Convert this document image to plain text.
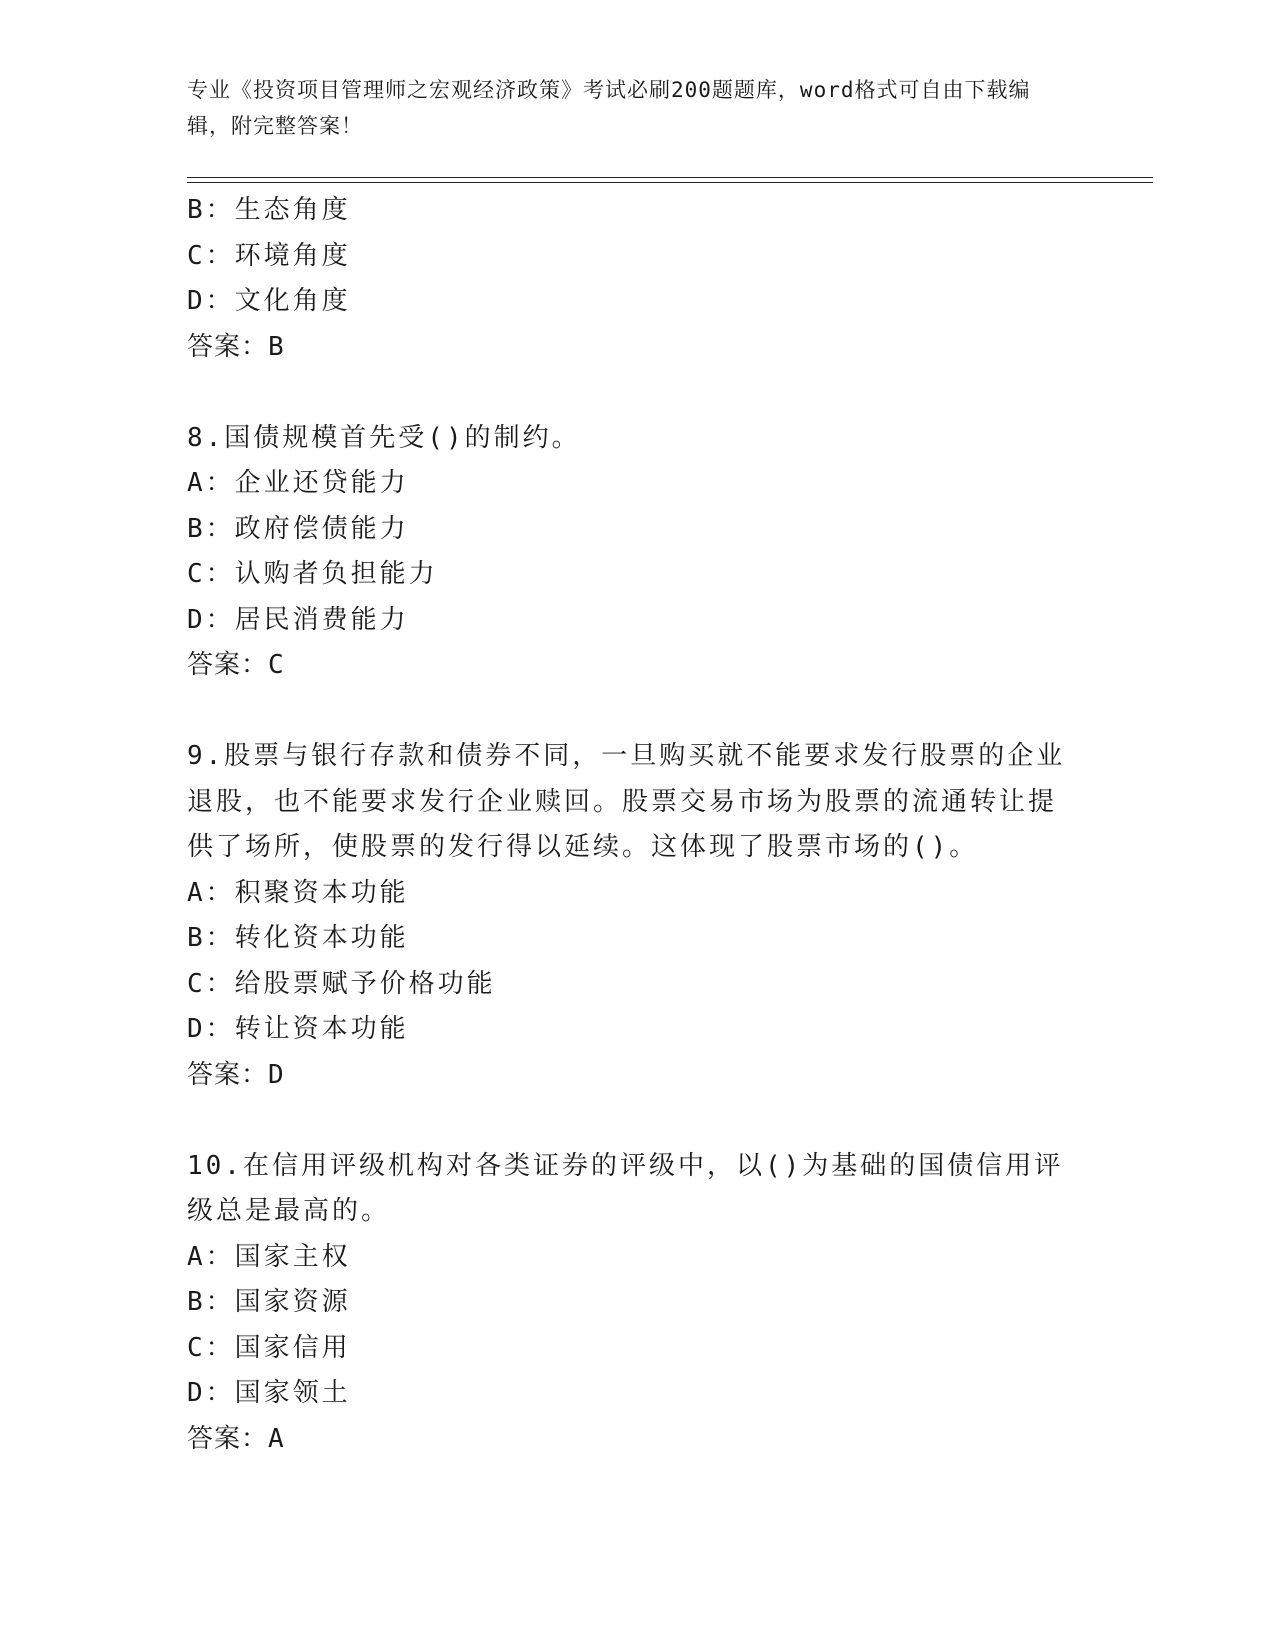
专业《投资项目管理师之宏观经济政策》考试必刷200题题库，word格式可自由下载编辑，附完整答案！
B：生态角度
C：环境角度
D：文化角度
答案：B
8.国债规模首先受()的制约。
A：企业还贷能力
B：政府偿债能力
C：认购者负担能力
D：居民消费能力
答案：C
9.股票与银行存款和债券不同，一旦购买就不能要求发行股票的企业退股，也不能要求发行企业赎回。股票交易市场为股票的流通转让提供了场所，使股票的发行得以延续。这体现了股票市场的()。
A：积聚资本功能
B：转化资本功能
C：给股票赋予价格功能
D：转让资本功能
答案：D
10.在信用评级机构对各类证券的评级中，以()为基础的国债信用评级总是最高的。
A：国家主权
B：国家资源
C：国家信用
D：国家领土
答案：A
